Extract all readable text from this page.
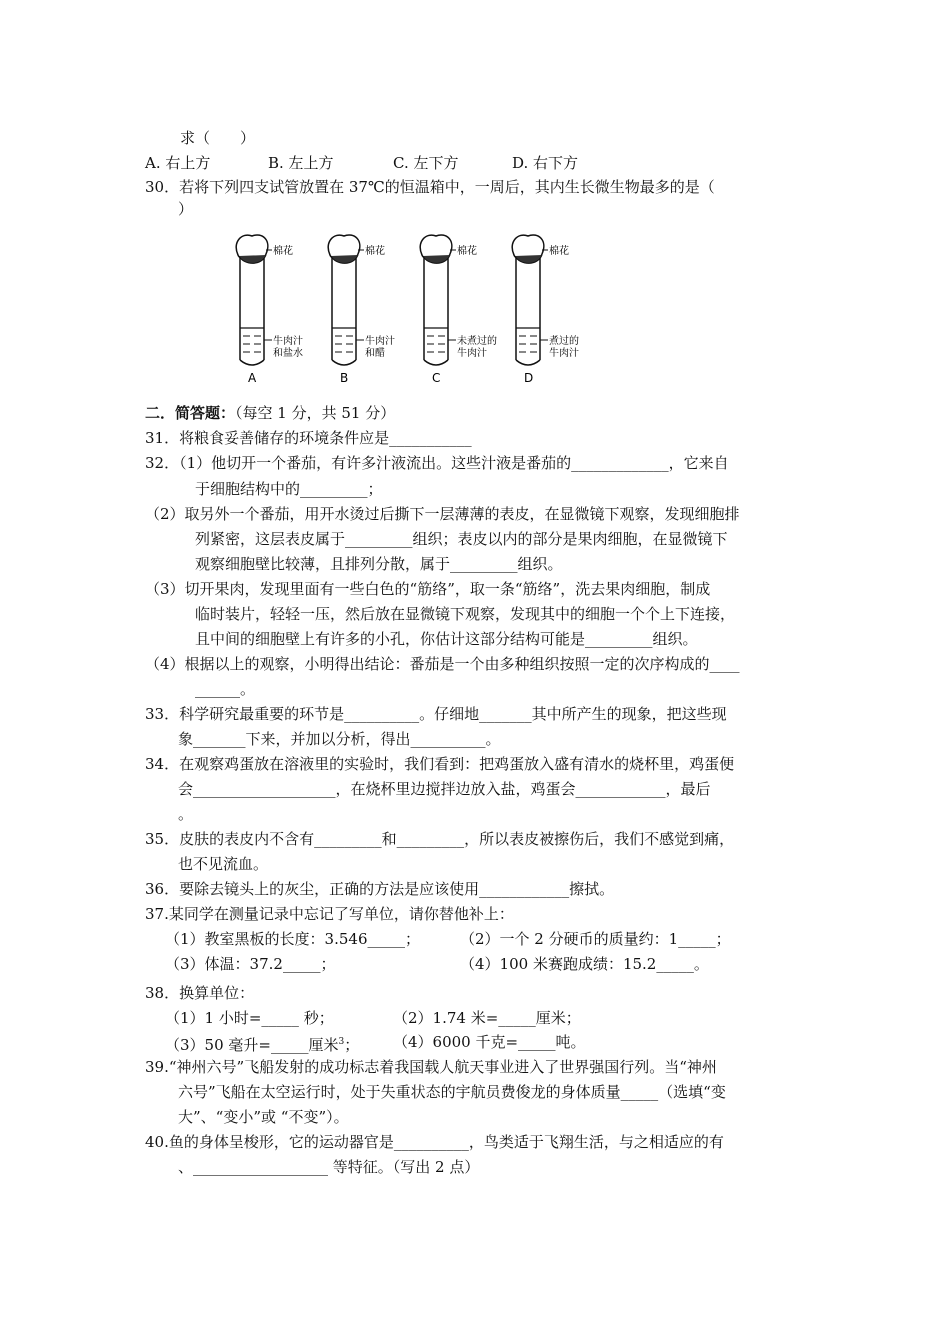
求（　　）
A. 右上方	B. 左上方	C. 左下方	D. 右下方
30．若将下列四支试管放置在 37℃的恒温箱中，一周后，其内生长微生物最多的是（
）
棉花
牛肉汁
和盐水
A
棉花
牛肉汁
和醋
B
棉花
未煮过的
牛肉汁
C
棉花
煮过的
牛肉汁
D
二．简答题：（每空 1 分，共 51 分）
31．将粮食妥善储存的环境条件应是___________
32．（1）他切开一个番茄，有许多汁液流出。这些汁液是番茄的_____________，它来自
于细胞结构中的_________；
（2）取另外一个番茄，用开水烫过后撕下一层薄薄的表皮，在显微镜下观察，发现细胞排
列紧密，这层表皮属于_________组织；表皮以内的部分是果肉细胞，在显微镜下
观察细胞壁比较薄，且排列分散，属于_________组织。
（3）切开果肉，发现里面有一些白色的“筋络”，取一条“筋络”，洗去果肉细胞，制成
临时装片，轻轻一压，然后放在显微镜下观察，发现其中的细胞一个个上下连接，
且中间的细胞壁上有许多的小孔，你估计这部分结构可能是_________组织。
（4）根据以上的观察，小明得出结论：番茄是一个由多种组织按照一定的次序构成的____
______。
33．科学研究最重要的环节是__________。仔细地_______其中所产生的现象，把这些现
象_______下来，并加以分析，得出__________。
34．在观察鸡蛋放在溶液里的实验时，我们看到：把鸡蛋放入盛有清水的烧杯里，鸡蛋便
会___________________，在烧杯里边搅拌边放入盐，鸡蛋会____________，最后
。
35．皮肤的表皮内不含有_________和_________，所以表皮被擦伤后，我们不感觉到痛，
也不见流血。
36．要除去镜头上的灰尘，正确的方法是应该使用____________擦拭。
37.某同学在测量记录中忘记了写单位，请你替他补上：
（1）教室黑板的长度：3.546_____；	（2）一个 2 分硬币的质量约：1_____；
（3）体温：37.2_____；	（4）100 米赛跑成绩：15.2_____。
38．换算单位：
（1）1 小时=_____ 秒；	（2）1.74 米=_____厘米；
（3）50 毫升=_____厘米$^3$； （4）6000 千克=_____吨。
39.“神州六号”飞船发射的成功标志着我国载人航天事业进入了世界强国行列。当“神州
六号”飞船在太空运行时，处于失重状态的宇航员费俊龙的身体质量_____（选填“变
大”、“变小”或 “不变”）。
40.鱼的身体呈梭形，它的运动器官是__________，鸟类适于飞翔生活，与之相适应的有
、__________________ 等特征。（写出 2 点）
